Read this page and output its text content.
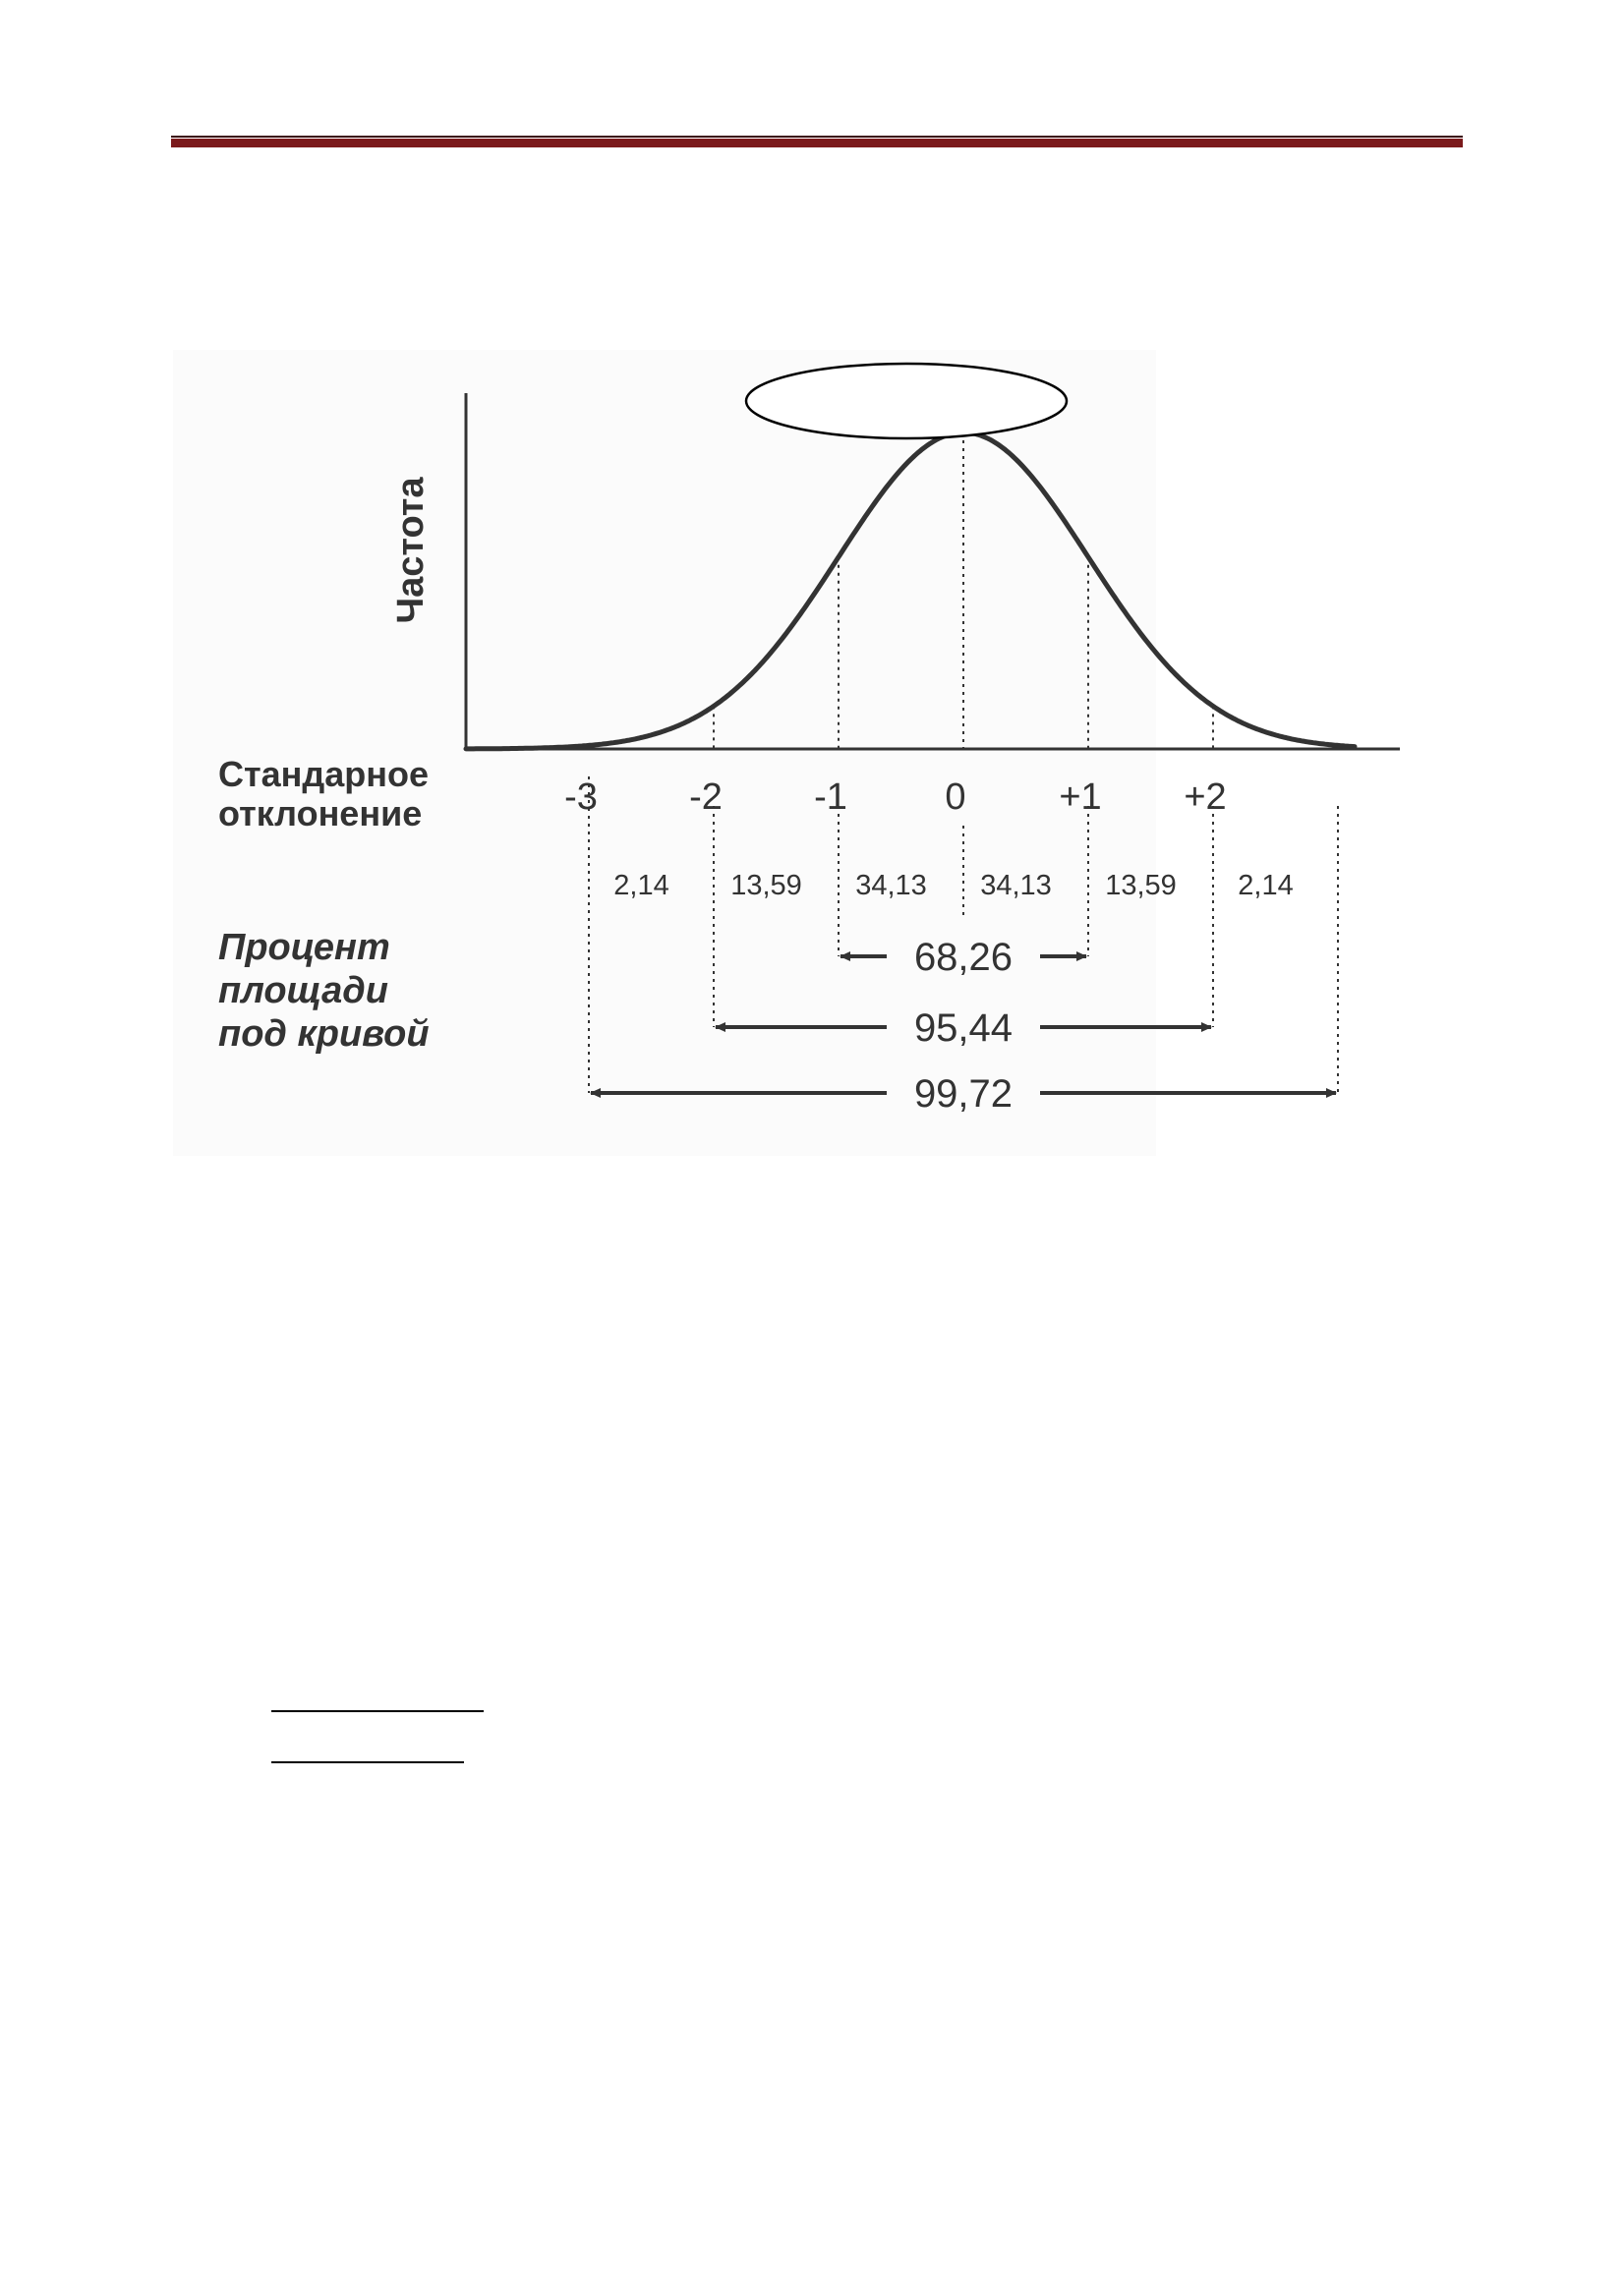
Частота
Стандарное
отклонение	-3 -2 -1	0 +1 +2
2,14 13,59 34,13 34,13 13,59 2,14
Процент
площади
под кривой
68,26
95,44
99,72
